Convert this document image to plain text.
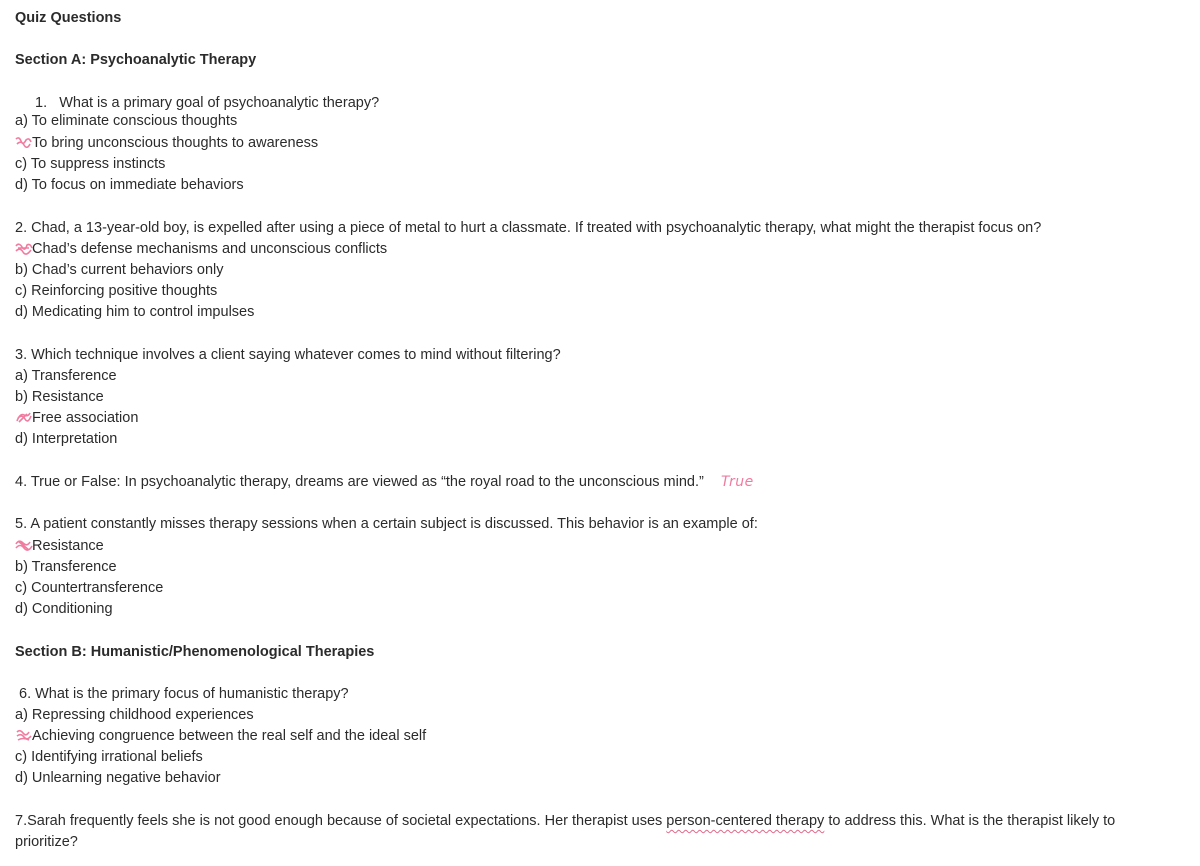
Quiz Questions
Section A: Psychoanalytic Therapy
1. What is a primary goal of psychoanalytic therapy?
a) To eliminate conscious thoughts
To bring unconscious thoughts to awareness
c) To suppress instincts
d) To focus on immediate behaviors
2. Chad, a 13-year-old boy, is expelled after using a piece of metal to hurt a classmate. If treated with psychoanalytic therapy, what might the therapist focus on?
Chad’s defense mechanisms and unconscious conflicts
b) Chad’s current behaviors only
c) Reinforcing positive thoughts
d) Medicating him to control impulses
3. Which technique involves a client saying whatever comes to mind without filtering?
a) Transference
b) Resistance
Free association
d) Interpretation
4. True or False: In psychoanalytic therapy, dreams are viewed as “the royal road to the unconscious mind.” True
5. A patient constantly misses therapy sessions when a certain subject is discussed. This behavior is an example of:
Resistance
b) Transference
c) Countertransference
d) Conditioning
Section B: Humanistic/Phenomenological Therapies
6. What is the primary focus of humanistic therapy?
a) Repressing childhood experiences
Achieving congruence between the real self and the ideal self
c) Identifying irrational beliefs
d) Unlearning negative behavior
7.Sarah frequently feels she is not good enough because of societal expectations. Her therapist uses person-centered therapy to address this. What is the therapist likely to prioritize?
